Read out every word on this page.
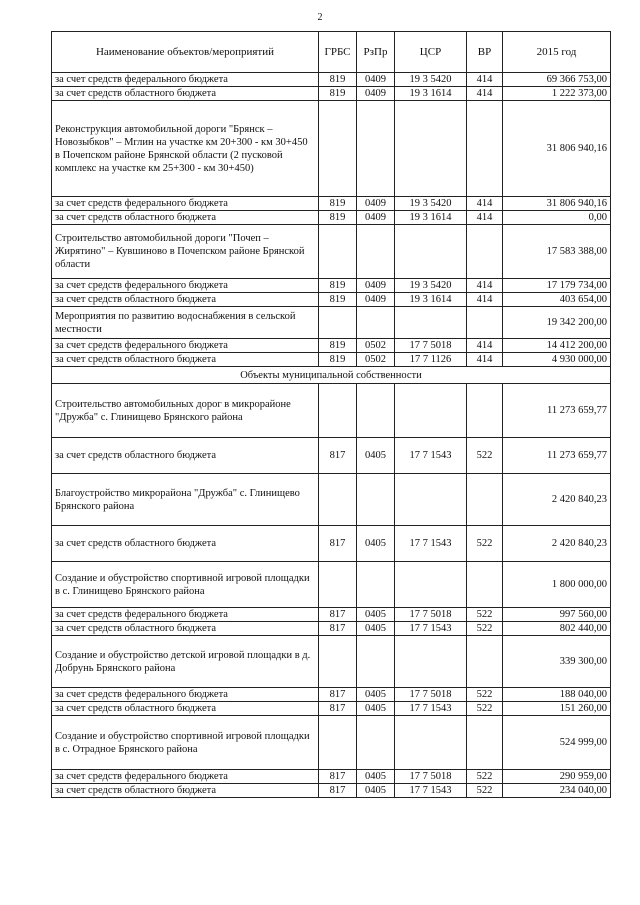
2
Наименование объектов/мероприятий	ГРБС	РзПр	ЦСР	ВР	2015 год
за счет средств федерального бюджета	819	0409	19 3 5420	414	69 366 753,00
за счет средств областного бюджета	819	0409	19 3 1614	414	1 222 373,00
Реконструкция автомобильной дороги "Брянск – Новозыбков" – Мглин на участке км 20+300 - км 30+450 в Почепском районе Брянской области (2 пусковой комплекс на участке км 25+300 - км 30+450)					31 806 940,16
за счет средств федерального бюджета	819	0409	19 3 5420	414	31 806 940,16
за счет средств областного бюджета	819	0409	19 3 1614	414	0,00
Строительство автомобильной дороги "Почеп – Жирятино" – Кувшиново в Почепском районе Брянской области					17 583 388,00
за счет средств федерального бюджета	819	0409	19 3 5420	414	17 179 734,00
за счет средств областного бюджета	819	0409	19 3 1614	414	403 654,00
Мероприятия по развитию водоснабжения в сельской местности					19 342 200,00
за счет средств федерального бюджета	819	0502	17 7 5018	414	14 412 200,00
за счет средств областного бюджета	819	0502	17 7 1126	414	4 930 000,00
Объекты муниципальной собственности					
Строительство автомобильных дорог в микрорайоне "Дружба" с. Глинищево Брянского района					11 273 659,77
за счет средств областного бюджета	817	0405	17 7 1543	522	11 273 659,77
Благоустройство микрорайона "Дружба" с. Глинищево Брянского района					2 420 840,23
за счет средств областного бюджета	817	0405	17 7 1543	522	2 420 840,23
Создание и обустройство спортивной игровой площадки в с. Глинищево Брянского района					1 800 000,00
за счет средств федерального бюджета	817	0405	17 7 5018	522	997 560,00
за счет средств областного бюджета	817	0405	17 7 1543	522	802 440,00
Создание и обустройство детской игровой площадки в д. Добрунь Брянского района					339 300,00
за счет средств федерального бюджета	817	0405	17 7 5018	522	188 040,00
за счет средств областного бюджета	817	0405	17 7 1543	522	151 260,00
Создание и обустройство спортивной игровой площадки в с. Отрадное Брянского района					524 999,00
за счет средств федерального бюджета	817	0405	17 7 5018	522	290 959,00
за счет средств областного бюджета	817	0405	17 7 1543	522	234 040,00
